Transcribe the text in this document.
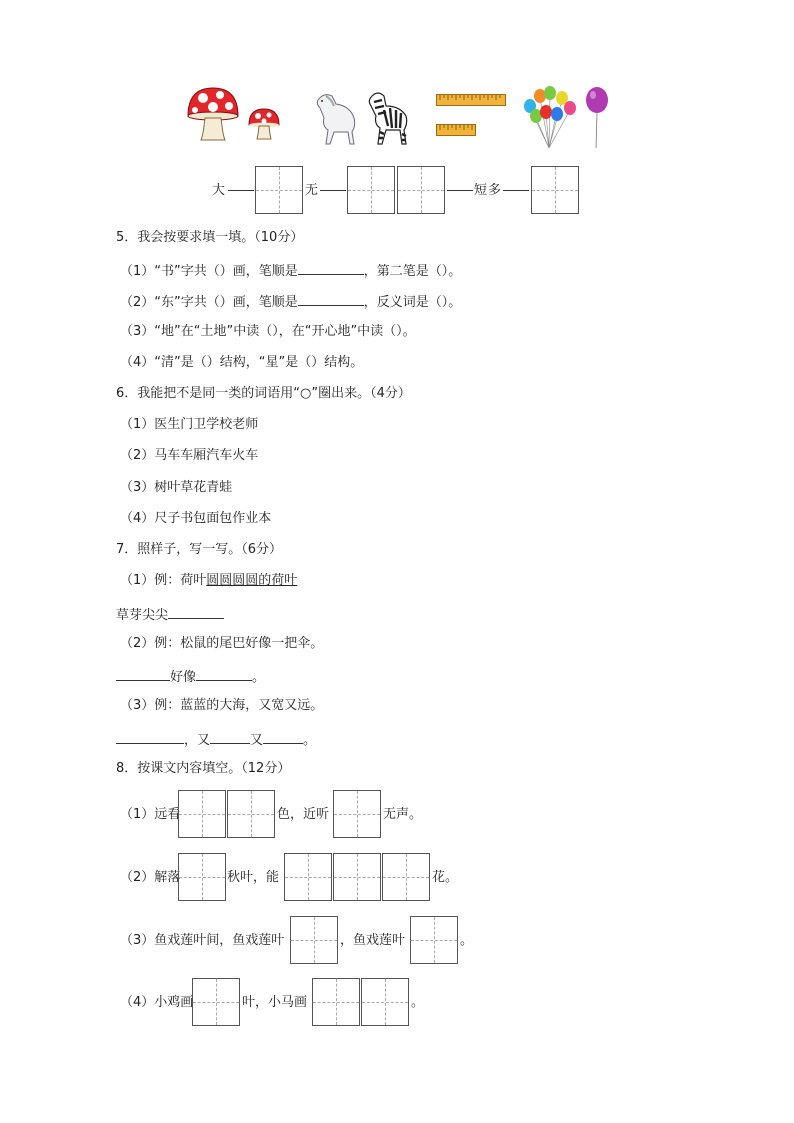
大	无	短 多
5．我会按要求填一填。（10分）
（1）“书”字共（）画，笔顺是	，第二笔是（）。
（2）“东”字共（）画，笔顺是	，反义词是（）。
（3）“地”在“土地”中读（），在“开心地”中读（）。
（4）“清”是（）结构，“星”是（）结构。
6．我能把不是同一类的词语用“○”圈出来。（4分）
（1）医生门卫学校老师
（2）马车车厢汽车火车
（3）树叶草花青蛙
（4）尺子书包面包作业本
7．照样子，写一写。（6分）
（1）例：荷叶圆圆圆圆的荷叶
草芽尖尖
（2）例：松鼠的尾巴好像一把伞。
好像	。
（3）例：蓝蓝的大海，又宽又远。
，又	又	。
8．按课文内容填空。（12分）
（1）远看	色，近听	无声。
（2）解落	秋叶，能	花。
（3）鱼戏莲叶间，鱼戏莲叶	，鱼戏莲叶	。
（4）小鸡画	叶，小马画	。
